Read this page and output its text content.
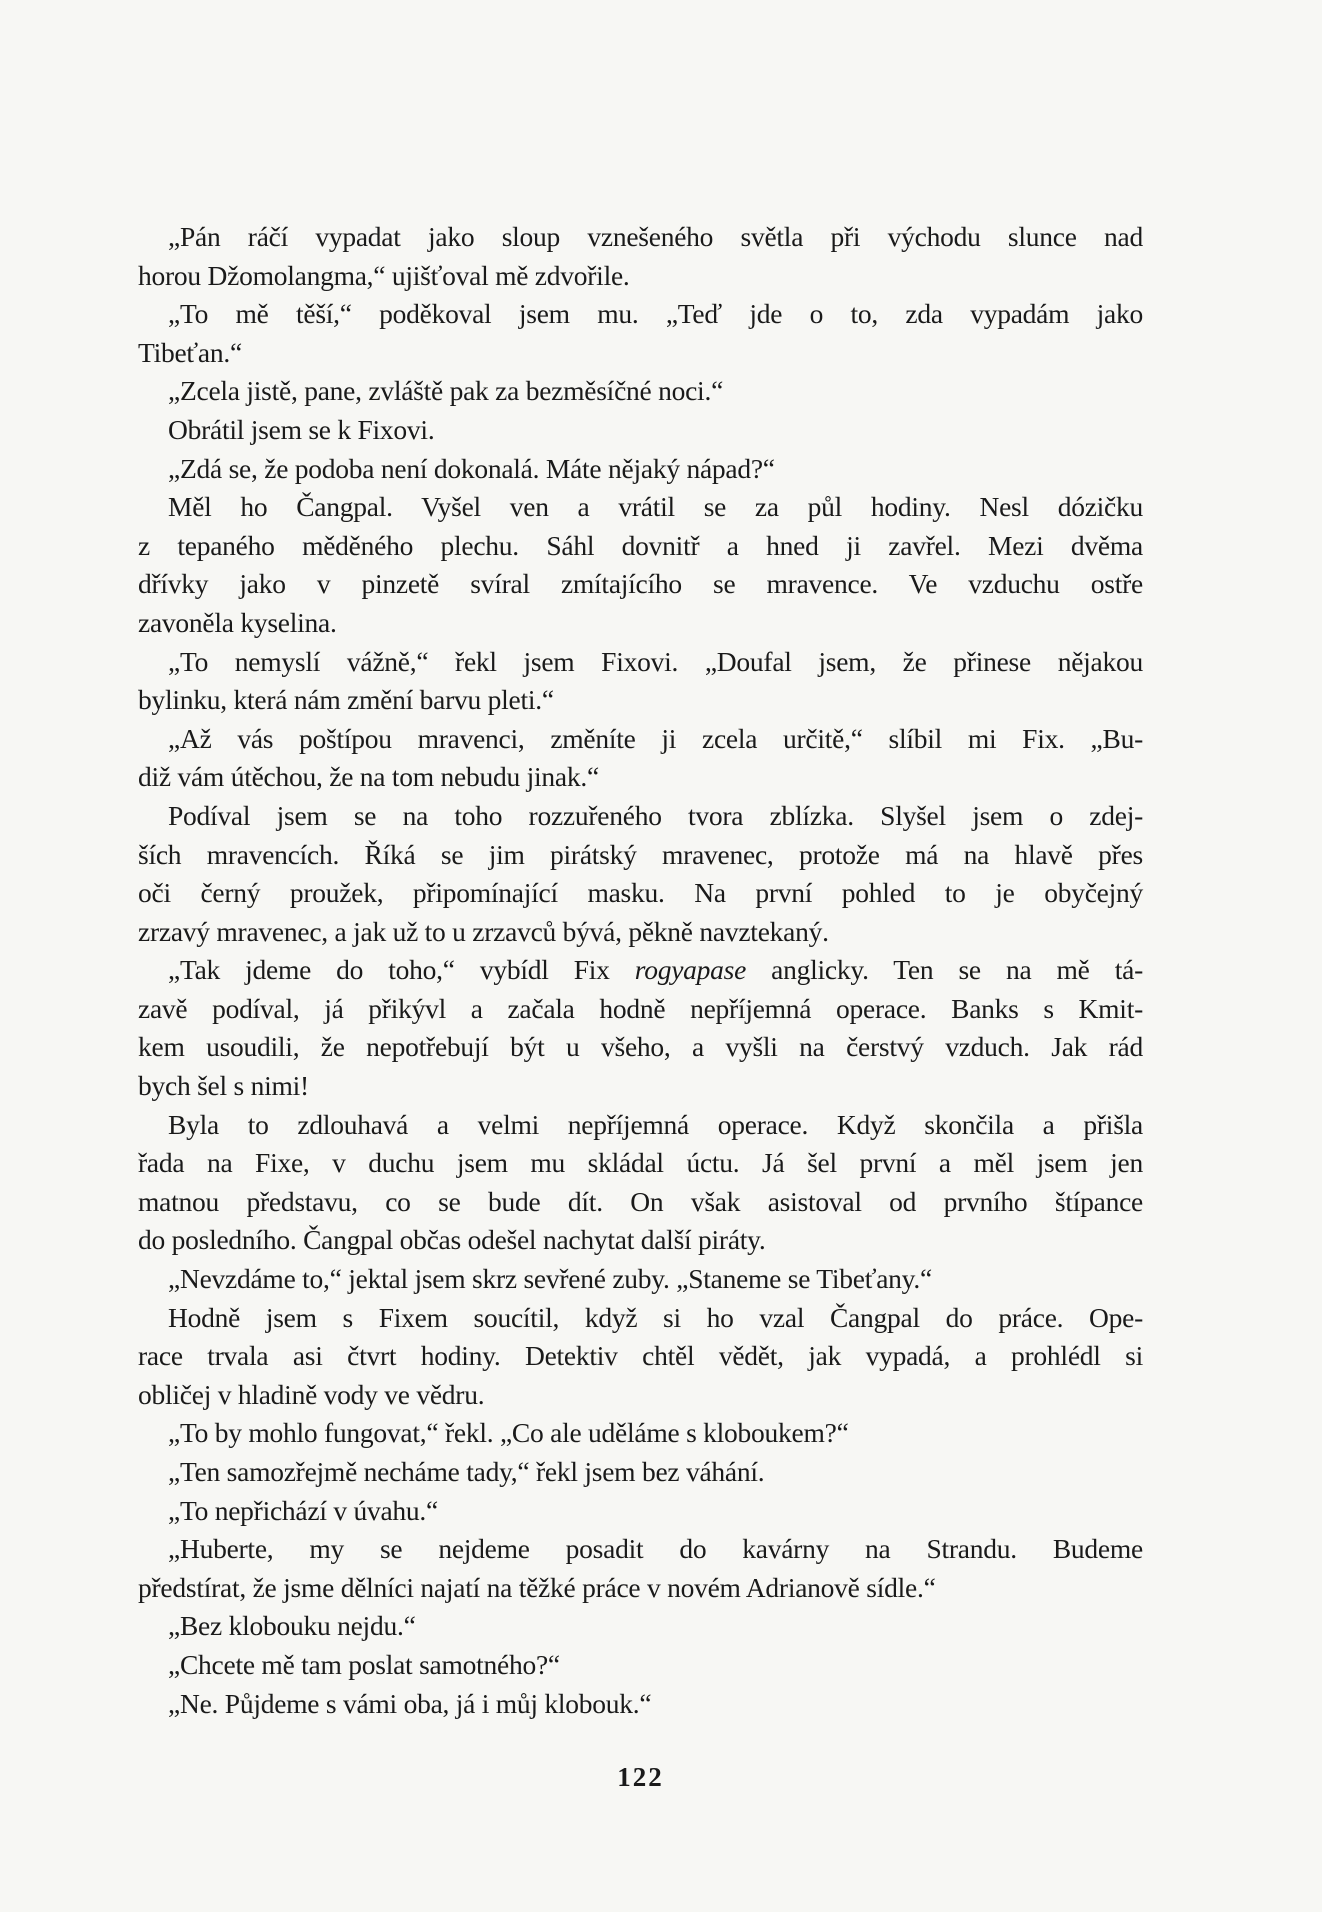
„Pán ráčí vypadat jako sloup vznešeného světla při východu slunce nad
horou Džomolangma,“ ujišťoval mě zdvořile.
„To mě těší,“ poděkoval jsem mu. „Teď jde o to, zda vypadám jako
Tibeťan.“
„Zcela jistě, pane, zvláště pak za bezměsíčné noci.“
Obrátil jsem se k Fixovi.
„Zdá se, že podoba není dokonalá. Máte nějaký nápad?“
Měl ho Čangpal. Vyšel ven a vrátil se za půl hodiny. Nesl dózičku
z tepaného měděného plechu. Sáhl dovnitř a hned ji zavřel. Mezi dvěma
dřívky jako v pinzetě svíral zmítajícího se mravence. Ve vzduchu ostře
zavoněla kyselina.
„To nemyslí vážně,“ řekl jsem Fixovi. „Doufal jsem, že přinese nějakou
bylinku, která nám změní barvu pleti.“
„Až vás poštípou mravenci, změníte ji zcela určitě,“ slíbil mi Fix. „Bu-
diž vám útěchou, že na tom nebudu jinak.“
Podíval jsem se na toho rozzuřeného tvora zblízka. Slyšel jsem o zdej-
ších mravencích. Říká se jim pirátský mravenec, protože má na hlavě přes
oči černý proužek, připomínající masku. Na první pohled to je obyčejný
zrzavý mravenec, a jak už to u zrzavců bývá, pěkně navztekaný.
„Tak jdeme do toho,“ vybídl Fix rogyapase anglicky. Ten se na mě tá-
zavě podíval, já přikývl a začala hodně nepříjemná operace. Banks s Kmit-
kem usoudili, že nepotřebují být u všeho, a vyšli na čerstvý vzduch. Jak rád
bych šel s nimi!
Byla to zdlouhavá a velmi nepříjemná operace. Když skončila a přišla
řada na Fixe, v duchu jsem mu skládal úctu. Já šel první a měl jsem jen
matnou představu, co se bude dít. On však asistoval od prvního štípance
do posledního. Čangpal občas odešel nachytat další piráty.
„Nevzdáme to,“ jektal jsem skrz sevřené zuby. „Staneme se Tibeťany.“
Hodně jsem s Fixem soucítil, když si ho vzal Čangpal do práce. Ope-
race trvala asi čtvrt hodiny. Detektiv chtěl vědět, jak vypadá, a prohlédl si
obličej v hladině vody ve vědru.
„To by mohlo fungovat,“ řekl. „Co ale uděláme s kloboukem?“
„Ten samozřejmě necháme tady,“ řekl jsem bez váhání.
„To nepřichází v úvahu.“
„Huberte, my se nejdeme posadit do kavárny na Strandu. Budeme
předstírat, že jsme dělníci najatí na těžké práce v novém Adrianově sídle.“
„Bez klobouku nejdu.“
„Chcete mě tam poslat samotného?“
„Ne. Půjdeme s vámi oba, já i můj klobouk.“
122
